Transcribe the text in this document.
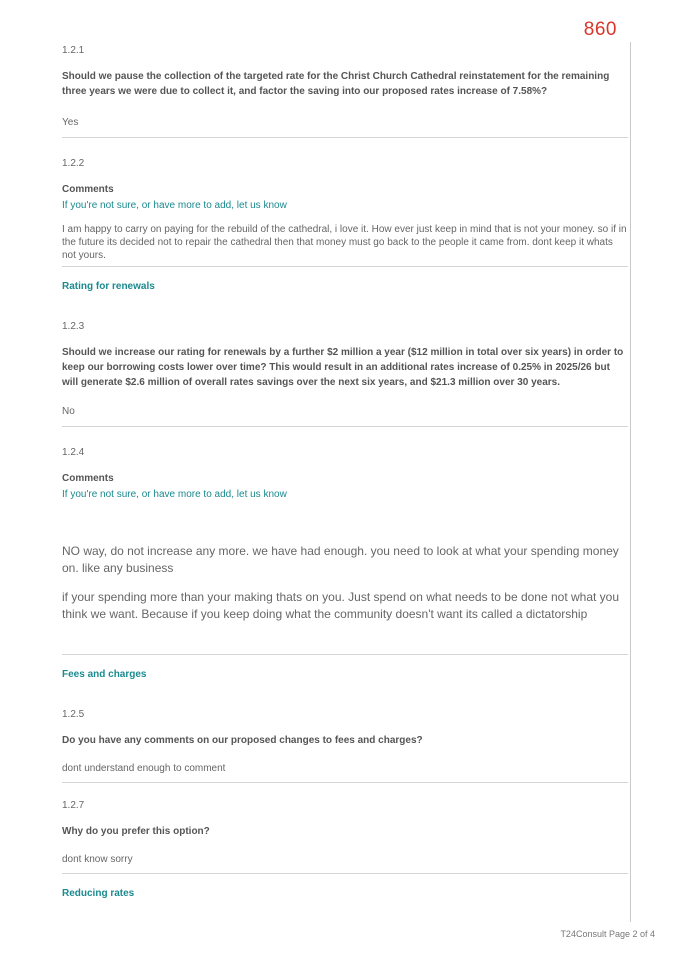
860
1.2.1
Should we pause the collection of the targeted rate for the Christ Church Cathedral reinstatement for the remaining three years we were due to collect it, and factor the saving into our proposed rates increase of 7.58%?
Yes
1.2.2
Comments
If you're not sure, or have more to add, let us know
I am happy to carry on paying for the rebuild of the cathedral, i love it. How ever just keep in mind that is not your money. so if in the future its decided not to repair the cathedral then that money must go back to the people it came from. dont keep it whats not yours.
Rating for renewals
1.2.3
Should we increase our rating for renewals by a further $2 million a year ($12 million in total over six years) in order to keep our borrowing costs lower over time? This would result in an additional rates increase of 0.25% in 2025/26 but will generate $2.6 million of overall rates savings over the next six years, and $21.3 million over 30 years.
No
1.2.4
Comments
If you're not sure, or have more to add, let us know
NO way, do not increase any more. we have had enough. you need to look at what your spending money on. like any business
if your spending more than your making thats on you. Just spend on what needs to be done not what you think we want. Because if you keep doing what the community doesn't want its called a dictatorship
Fees and charges
1.2.5
Do you have any comments on our proposed changes to fees and charges?
dont understand enough to comment
1.2.7
Why do you prefer this option?
dont know sorry
Reducing rates
T24Consult Page 2 of 4
